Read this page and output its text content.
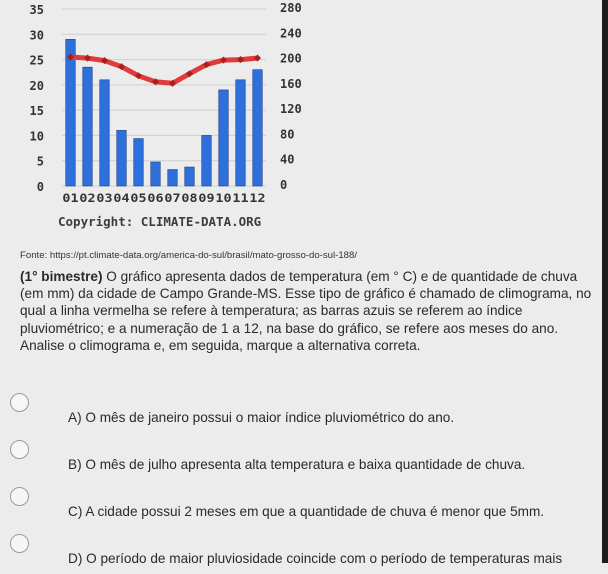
0
5
10
15
20
25
30
35
0
40
80
120
160
200
240
280
01 02 03 04 05 06 07 08 09 10 11 12
Copyright: CLIMATE-DATA.ORG
Fonte: https://pt.climate-data.org/america-do-sul/brasil/mato-grosso-do-sul-188/

(1° bimestre) O gráfico apresenta dados de temperatura (em ° C) e de quantidade de chuva (em mm) da cidade de Campo Grande-MS. Esse tipo de gráfico é chamado de climograma, no qual a linha vermelha se refere à temperatura; as barras azuis se referem ao índice pluviométrico; e a numeração de 1 a 12, na base do gráfico, se refere aos meses do ano.

Analise o climograma e, em seguida, marque a alternativa correta.

A) O mês de janeiro possui o maior índice pluviométrico do ano.
B) O mês de julho apresenta alta temperatura e baixa quantidade de chuva.
C) A cidade possui 2 meses em que a quantidade de chuva é menor que 5mm.
D) O período de maior pluviosidade coincide com o período de temperaturas mais
